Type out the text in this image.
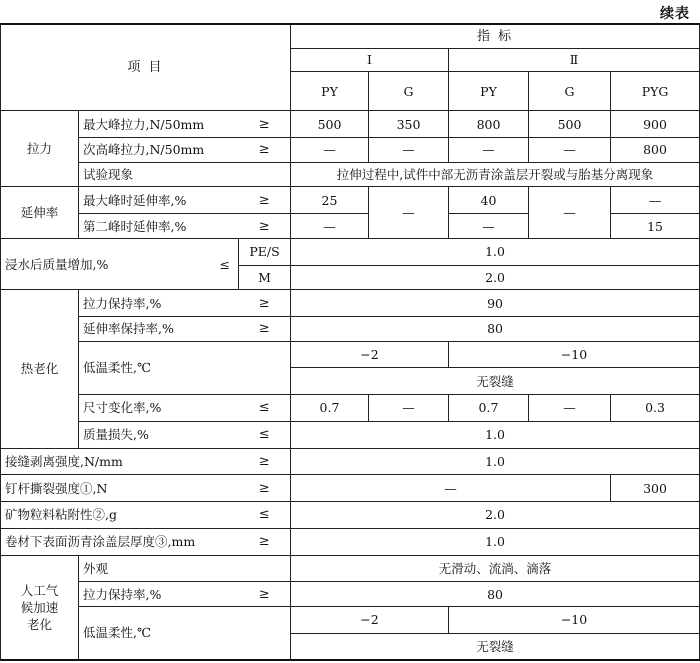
续表
项 目			指 标				
			Ⅰ		Ⅱ		
			PY	G	PY	G	PYG
拉力	最大峰拉力,N/50mm	≥	500	350	800	500	900
	次高峰拉力,N/50mm	≥	—	—	—	—	800
	试验现象		拉伸过程中,试件中部无沥青涂盖层开裂或与胎基分离现象				
延伸率	最大峰时延伸率,%	≥	25	—	40	—	—
	第二峰时延伸率,%	≥	—		—		15
浸水后质量增加,% ≤		PE/S	1.0				
		M	2.0				
热老化	拉力保持率,%	≥	90				
	延伸率保持率,%	≥	80				
	低温柔性,℃		−2		−10		
			无裂缝				
	尺寸变化率,%	≤	0.7	—	0.7	—	0.3
	质量损失,%	≤	1.0				
接缝剥离强度,N/mm		≥	1.0				
钉杆撕裂强度①,N		≥	—				300
矿物粒料粘附性②,g		≤	2.0				
卷材下表面沥青涂盖层厚度③,mm		≥	1.0				
人工气候加速老化	外观		无滑动、流淌、滴落				
	拉力保持率,%	≥	80				
	低温柔性,℃		−2		−10		
			无裂缝				
